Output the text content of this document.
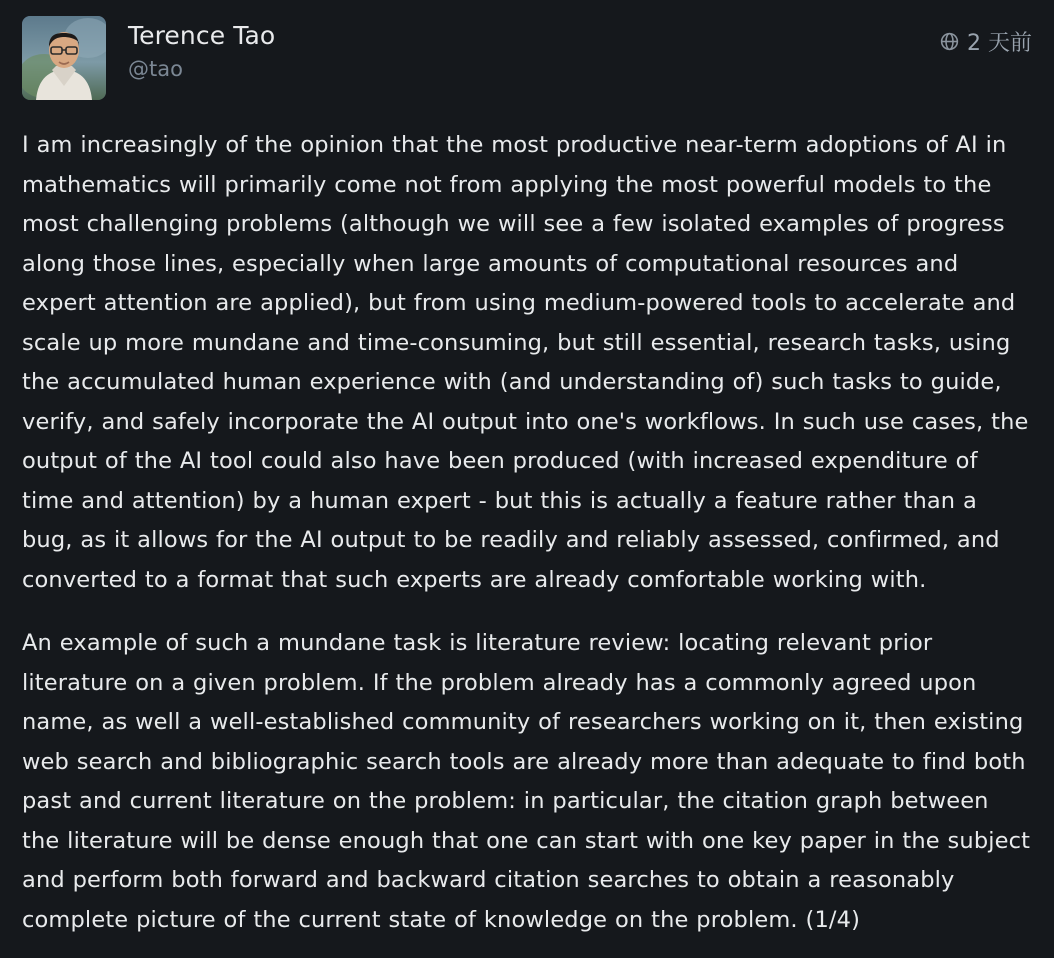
Terence Tao
@tao
2 天前

I am increasingly of the opinion that the most productive near-term adoptions of AI in mathematics will primarily come not from applying the most powerful models to the most challenging problems (although we will see a few isolated examples of progress along those lines, especially when large amounts of computational resources and expert attention are applied), but from using medium-powered tools to accelerate and scale up more mundane and time-consuming, but still essential, research tasks, using the accumulated human experience with (and understanding of) such tasks to guide, verify, and safely incorporate the AI output into one's workflows. In such use cases, the output of the AI tool could also have been produced (with increased expenditure of time and attention) by a human expert - but this is actually a feature rather than a bug, as it allows for the AI output to be readily and reliably assessed, confirmed, and converted to a format that such experts are already comfortable working with.

An example of such a mundane task is literature review: locating relevant prior literature on a given problem. If the problem already has a commonly agreed upon name, as well a well-established community of researchers working on it, then existing web search and bibliographic search tools are already more than adequate to find both past and current literature on the problem: in particular, the citation graph between the literature will be dense enough that one can start with one key paper in the subject and perform both forward and backward citation searches to obtain a reasonably complete picture of the current state of knowledge on the problem. (1/4)
